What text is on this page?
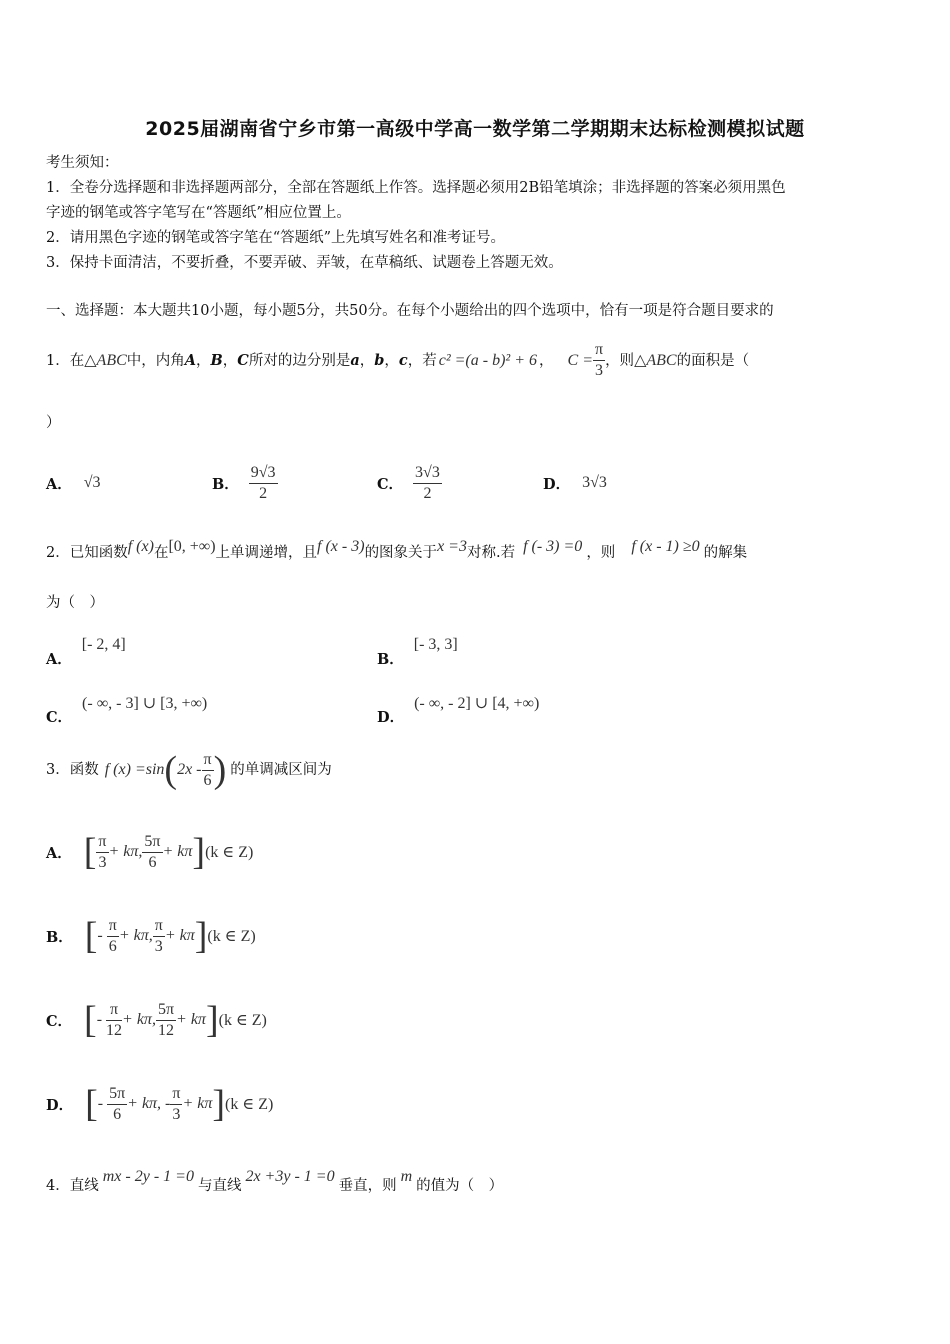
2025届湖南省宁乡市第一高级中学高一数学第二学期期末达标检测模拟试题
考生须知：
1．全卷分选择题和非选择题两部分，全部在答题纸上作答。选择题必须用2B铅笔填涂；非选择题的答案必须用黑色
字迹的钢笔或答字笔写在“答题纸”相应位置上。
2．请用黑色字迹的钢笔或答字笔在“答题纸”上先填写姓名和准考证号。
3．保持卡面清洁，不要折叠，不要弄破、弄皱，在草稿纸、试题卷上答题无效。
一、选择题：本大题共10小题，每小题5分，共50分。在每个小题给出的四个选项中，恰有一项是符合题目要求的
1． 在 △ABC 中，内角 A ， B ， C 所对的边分别是 a ， b ， c ，若 c² =(a - b)² + 6 ， $C = \frac{\pi}{3}$ ，则 △ABC 的面积是（
）
A． √3	B． $\frac{9√3}{2}$	C． $\frac{3√3}{2}$	D． 3√3
2． 已知函数 f (x) 在 [0, +∞) 上单调递增，且 f (x - 3) 的图象关于 x =3 对称.若 f (- 3) =0 ，则 f (x - 1) ≥0 的解集
为（　）
A．
[- 2, 4]
B．
[- 3, 3]
C．
(- ∞, - 3] ∪ [3, +∞)
D．
(- ∞, - 2] ∪ [4, +∞)
3． 函数 f (x) =sin ( $2x - \frac{\pi}{6}$ ) 的单调减区间为
A． [ $\frac{\pi}{3} + k\pi$, $\frac{5\pi}{6} + k\pi$ ] (k ∈ Z)
B． [ - $\frac{\pi}{6} + k\pi$, $\frac{\pi}{3} + k\pi$ ] (k ∈ Z)
C． [ - $\frac{\pi}{12} + k\pi$, $\frac{5\pi}{12} + k\pi$ ] (k ∈ Z)
D． [ - $\frac{5\pi}{6} + k\pi$, - $\frac{\pi}{3} + k\pi$ ] (k ∈ Z)
4． 直线
mx - 2y - 1 =0
与直线
2x +3y - 1 =0
垂直，则
m
的值为（　）
